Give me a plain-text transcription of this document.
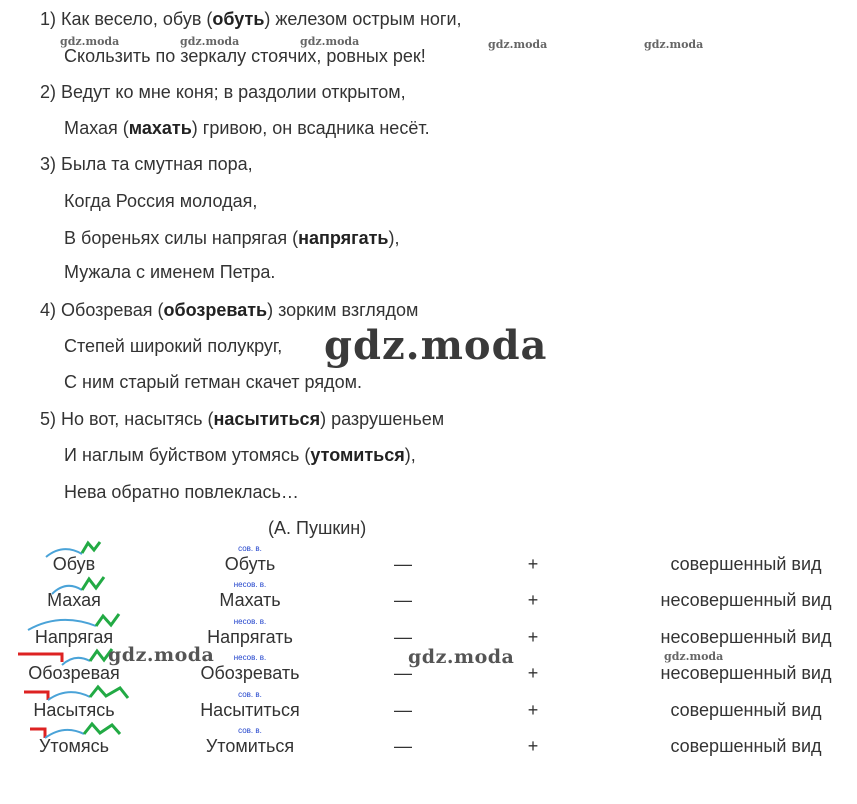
1) Как весело, обув (обуть) железом острым ноги,
Скользить по зеркалу стоячих, ровных рек!
2) Ведут ко мне коня; в раздолии открытом,
Махая (махать) гривою, он всадника несёт.
3) Была та смутная пора,
Когда Россия молодая,
В бореньях силы напрягая (напрягать),
Мужала с именем Петра.
4) Обозревая (обозревать) зорким взглядом
Степей широкий полукруг,
С ним старый гетман скачет рядом.
5) Но вот, насытясь (насытиться) разрушеньем
И наглым буйством утомясь (утомиться),
Нева обратно повлеклась…
(А. Пушкин)
Обув	Обуть	—	+	совершенный вид
сов. в.
Махая	Махать	—	+	несовершенный вид
несов. в.
Напрягая	Напрягать	—	+	несовершенный вид
несов. в.
Обозревая	Обозревать	—	+	несовершенный вид
несов. в.
Насытясь	Насытиться	—	+	совершенный вид
сов. в.
Утомясь	Утомиться	—	+	совершенный вид
сов. в.
gdz.moda	gdz.moda	gdz.moda	gdz.moda	gdz.moda
gdz.moda
gdz.moda	gdz.moda	gdz.moda
